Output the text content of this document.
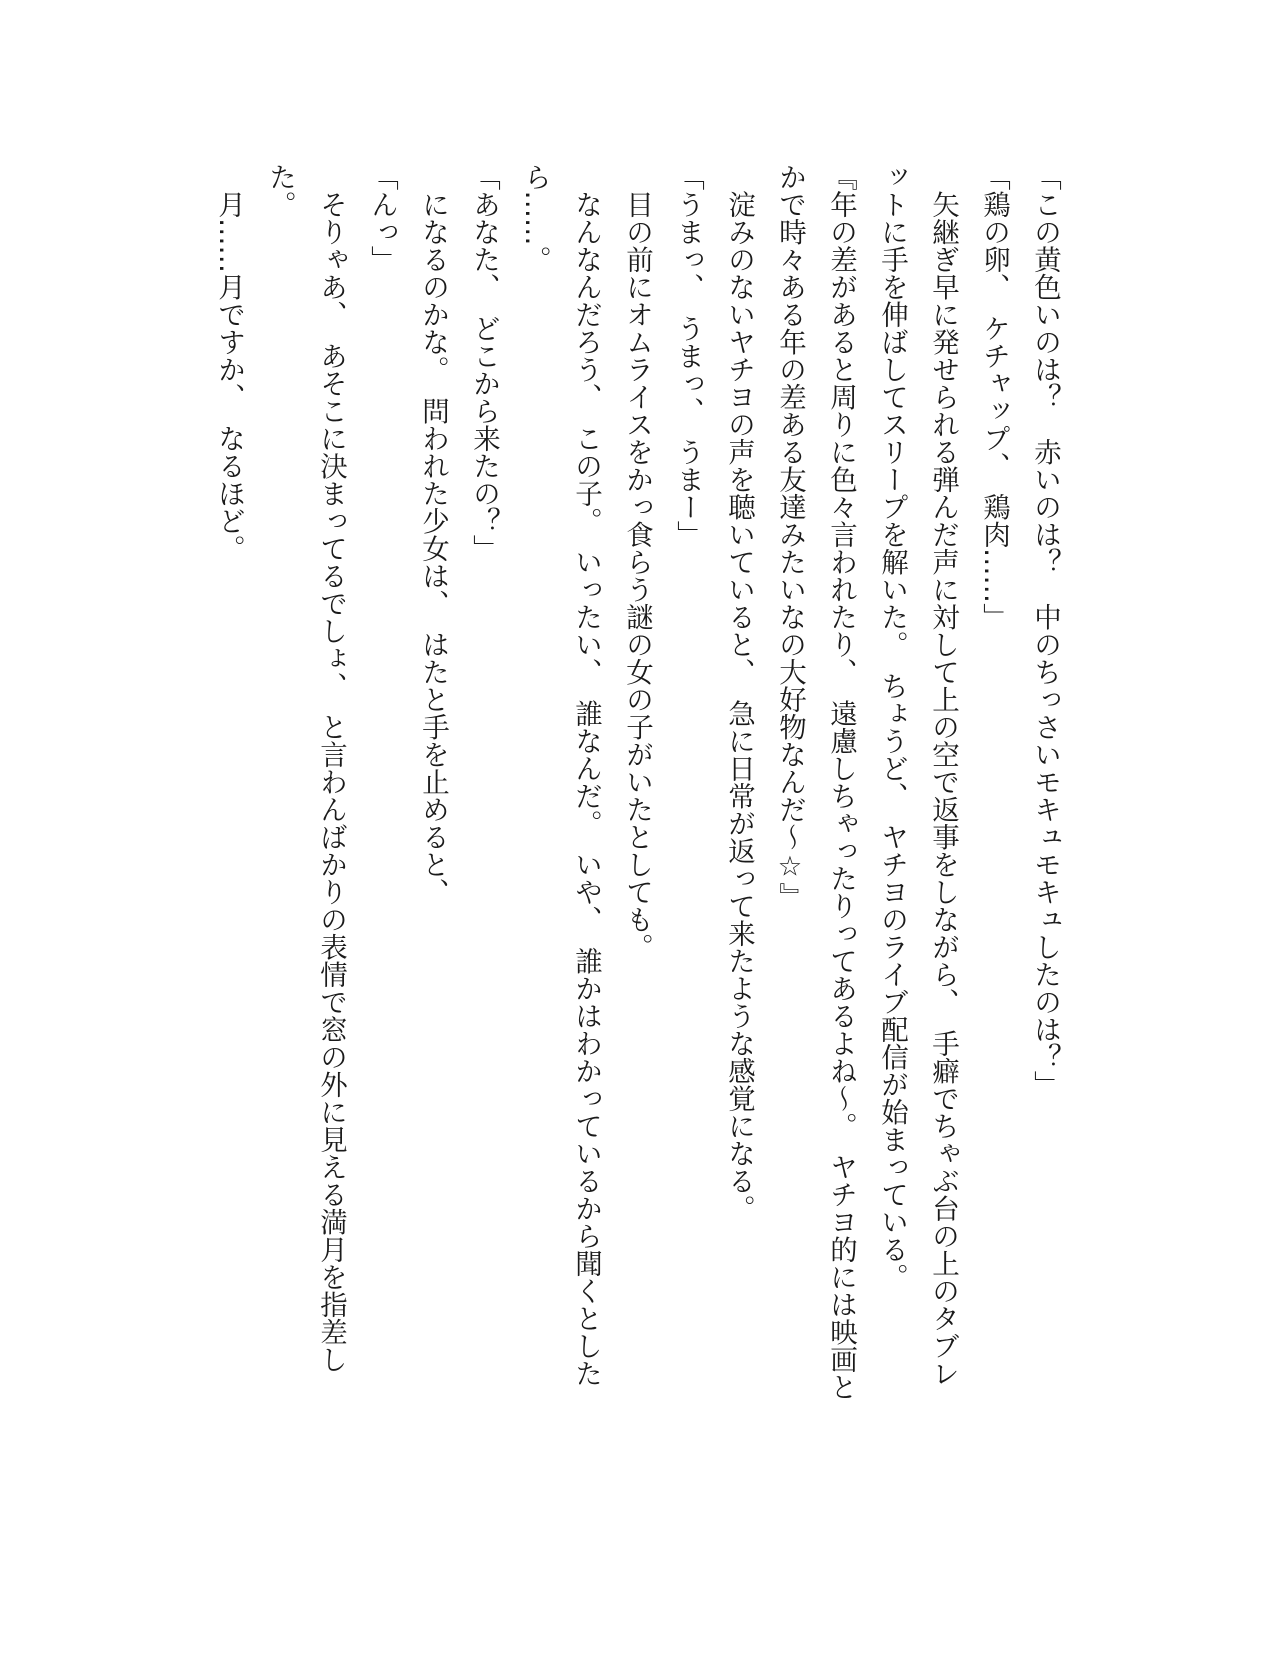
「この黄色いのは？　赤いのは？　中のちっさいモキュモキュしたのは？」

「鶏の卵、　ケチャップ、　鶏肉……」

　矢継ぎ早に発せられる弾んだ声に対して上の空で返事をしながら、　手癖でちゃぶ台の上のタブレ

ットに手を伸ばしてスリープを解いた。　ちょうど、　ヤチヨのライブ配信が始まっている。

『年の差があると周りに色々言われたり、　遠慮しちゃったりってあるよね～。　ヤチヨ的には映画と

かで時々ある年の差ある友達みたいなの大好物なんだ～☆』

　淀みのないヤチヨの声を聴いていると、　急に日常が返って来たような感覚になる。

「うまっ、　うまっ、　うまー」

　目の前にオムライスをかっ食らう謎の女の子がいたとしても。

　なんなんだろう、　この子。　いったい、　誰なんだ。　いや、　誰かはわかっているから聞くとした

ら……。

「あなた、　どこから来たの？」

　になるのかな。　問われた少女は、　はたと手を止めると、

「んっ」

　そりゃあ、　あそこに決まってるでしょ、　と言わんばかりの表情で窓の外に見える満月を指差し

た。

　月……月ですか、　なるほど。
